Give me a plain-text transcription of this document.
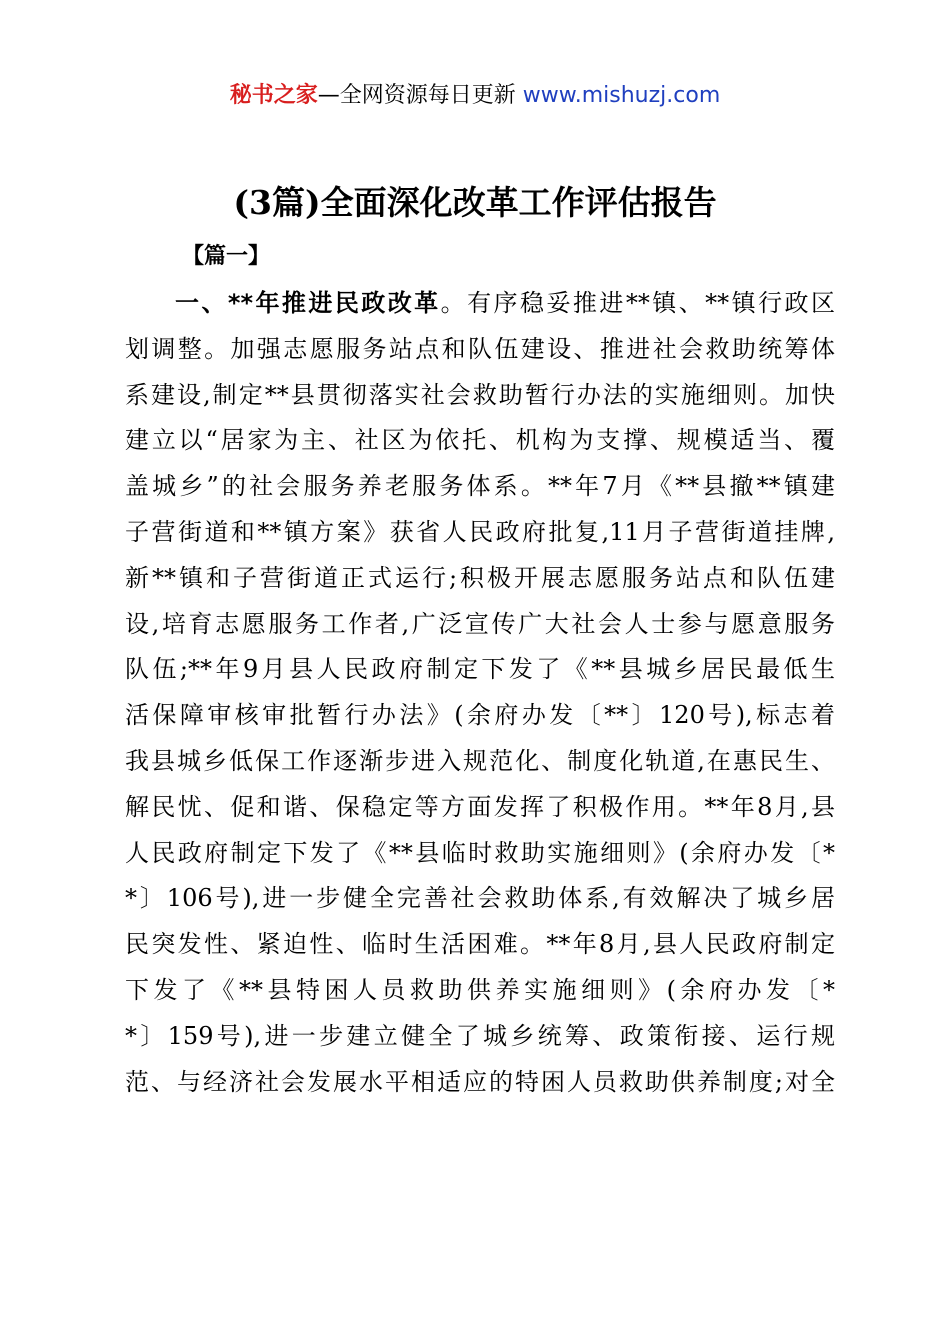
秘书之家—全网资源每日更新 www.mishuzj.com
(3篇)全面深化改革工作评估报告
【篇一】
一、**年推进民政改革。有序稳妥推进**镇、**镇行政区
划调整。加强志愿服务站点和队伍建设、推进社会救助统筹体
系建设,制定**县贯彻落实社会救助暂行办法的实施细则。加快
建立以“居家为主、社区为依托、机构为支撑、规模适当、覆
盖城乡”的社会服务养老服务体系。**年7月《**县撤**镇建
子营街道和**镇方案》获省人民政府批复,11月子营街道挂牌,
新**镇和子营街道正式运行;积极开展志愿服务站点和队伍建
设,培育志愿服务工作者,广泛宣传广大社会人士参与愿意服务
队伍;**年9月县人民政府制定下发了《**县城乡居民最低生
活保障审核审批暂行办法》(余府办发〔**〕120号),标志着
我县城乡低保工作逐渐步进入规范化、制度化轨道,在惠民生、
解民忧、促和谐、保稳定等方面发挥了积极作用。**年8月,县
人民政府制定下发了《**县临时救助实施细则》(余府办发〔*
*〕106号),进一步健全完善社会救助体系,有效解决了城乡居
民突发性、紧迫性、临时生活困难。**年8月,县人民政府制定
下发了《**县特困人员救助供养实施细则》(余府办发〔*
*〕159号),进一步建立健全了城乡统筹、政策衔接、运行规
范、与经济社会发展水平相适应的特困人员救助供养制度;对全
